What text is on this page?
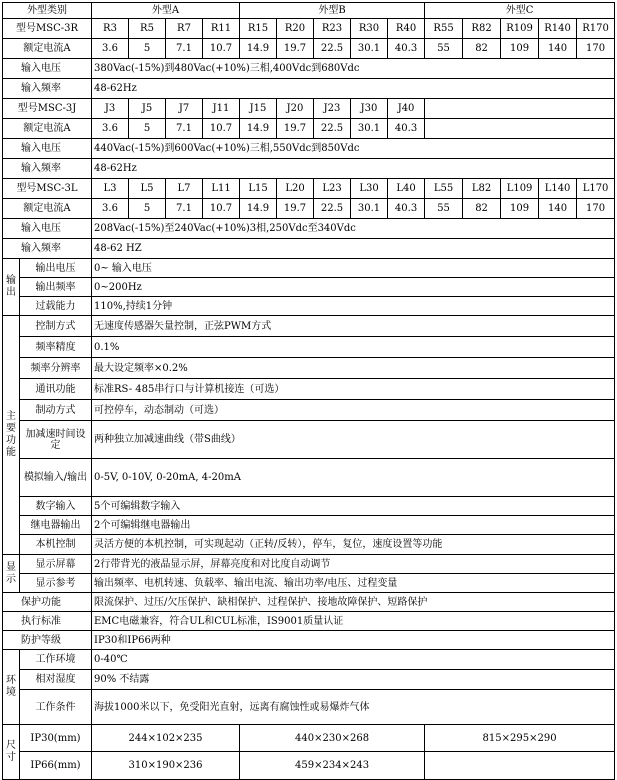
外型类别		外型A				外型B					外型C				
型号MSC-3R		R3	R5	R7	R11	R15	R20	R23	R30	R40	R55	R82	R109	R140	R170
额定电流A		3.6	5	7.1	10.7	14.9	19.7	22.5	30.1	40.3	55	82	109	140	170
输入电压		380Vac(-15%)到480Vac(+10%)三相,400Vdc到680Vdc													
输入频率		48-62Hz													
型号MSC-3J		J3	J5	J7	J11	J15	J20	J23	J30	J40					
额定电流A		3.6	5	7.1	10.7	14.9	19.7	22.5	30.1	40.3					
输入电压		440Vac(-15%)到600Vac(+10%)三相,550Vdc到850Vdc													
输入频率		48-62Hz													
型号MSC-3L		L3	L5	L7	L11	L15	L20	L23	L30	L40	L55	L82	L109	L140	L170
额定电流A		3.6	5	7.1	10.7	14.9	19.7	22.5	30.1	40.3	55	82	109	140	170
输入电压		208Vac(-15%)至240Vac(+10%)3相,250Vdc至340Vdc													
输入频率		48-62 HZ													
输出	输出电压	0~ 输入电压													
	输出频率	0~200Hz													
	过载能力	110%,持续1分钟													
主要功能	控制方式	无速度传感器矢量控制，正弦PWM方式													
	频率精度	0.1%													
	频率分辨率	最大设定频率×0.2%													
	通讯功能	标准RS- 485串行口与计算机接连（可选）													
	制动方式	可控停车，动态制动（可选）													
	加减速时间设定	两种独立加减速曲线（带S曲线）													
	模拟输入/输出	0-5V, 0-10V, 0-20mA, 4-20mA													
	数字输入	5个可编辑数字输入													
	继电器输出	2个可编辑继电器输出													
	本机控制	灵活方便的本机控制，可实现起动（正转/反转），停车，复位，速度设置等功能													
显示	显示屏幕	2行带背光的液晶显示屏，屏幕亮度和对比度自动调节													
	显示参考	输出频率、电机转速、负载率、输出电流、输出功率/电压、过程变量													
保护功能		限流保护、过压/欠压保护、缺相保护、过程保护、接地故障保护、短路保护													
执行标准		EMC电磁兼容，符合UL和CUL标准，IS9001质量认证													
防护等级		IP30和IP66两种													
环境	工作环境	0-40℃													
	相对湿度	90% 不结露													
	工作条件	海拔1000米以下，免受阳光直射，远离有腐蚀性或易爆炸气体													
尺寸	IP30(mm)	244×102×235				440×230×268					815×295×290				
	IP66(mm)	310×190×236				459×234×243									
